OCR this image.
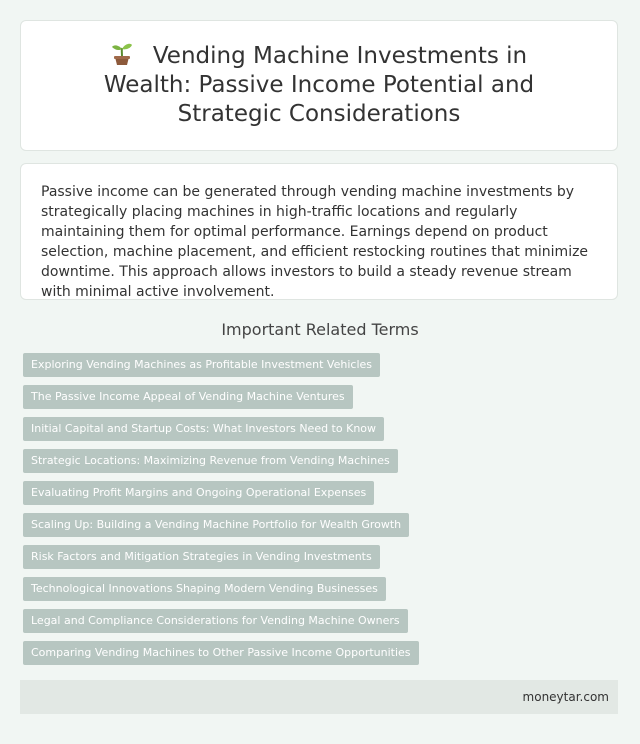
Vending Machine Investments in Wealth: Passive Income Potential and Strategic Considerations

Passive income can be generated through vending machine investments by strategically placing machines in high-traffic locations and regularly maintaining them for optimal performance. Earnings depend on product selection, machine placement, and efficient restocking routines that minimize downtime. This approach allows investors to build a steady revenue stream with minimal active involvement.

Important Related Terms
Exploring Vending Machines as Profitable Investment Vehicles
The Passive Income Appeal of Vending Machine Ventures
Initial Capital and Startup Costs: What Investors Need to Know
Strategic Locations: Maximizing Revenue from Vending Machines
Evaluating Profit Margins and Ongoing Operational Expenses
Scaling Up: Building a Vending Machine Portfolio for Wealth Growth
Risk Factors and Mitigation Strategies in Vending Investments
Technological Innovations Shaping Modern Vending Businesses
Legal and Compliance Considerations for Vending Machine Owners
Comparing Vending Machines to Other Passive Income Opportunities
moneytar.com
